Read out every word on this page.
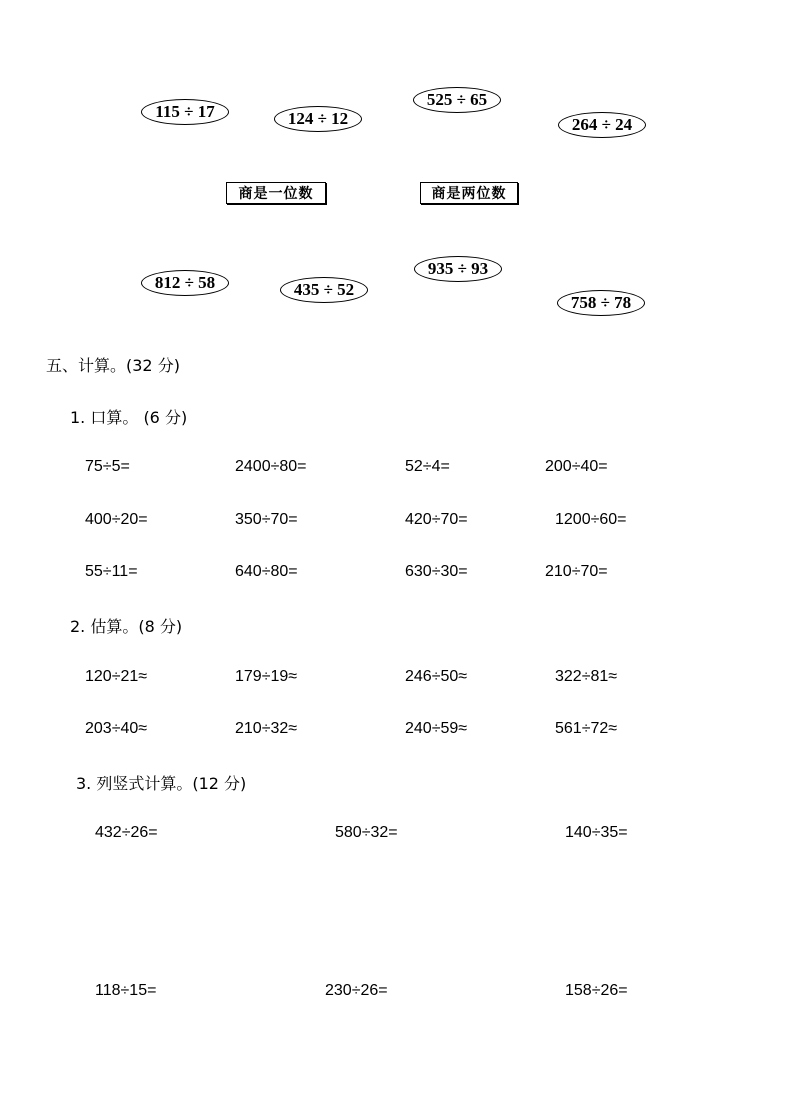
115 ÷ 17	124 ÷ 12
525 ÷ 65
264 ÷ 24
商是一位数	商是两位数
812 ÷ 58	435 ÷ 52
935 ÷ 93
758 ÷ 78
五、计算。(32 分)
1. 口算。 (6 分)
75÷5=	2400÷80=	52÷4=	200÷40=
400÷20=	350÷70=	420÷70=	1200÷60=
55÷11=	640÷80=	630÷30=	210÷70=
2. 估算。(8 分)
120÷21≈	179÷19≈	246÷50≈	322÷81≈
203÷40≈	210÷32≈	240÷59≈	561÷72≈
3. 列竖式计算。(12 分)
432÷26=	580÷32=	140÷35=
118÷15=	230÷26=	158÷26=
